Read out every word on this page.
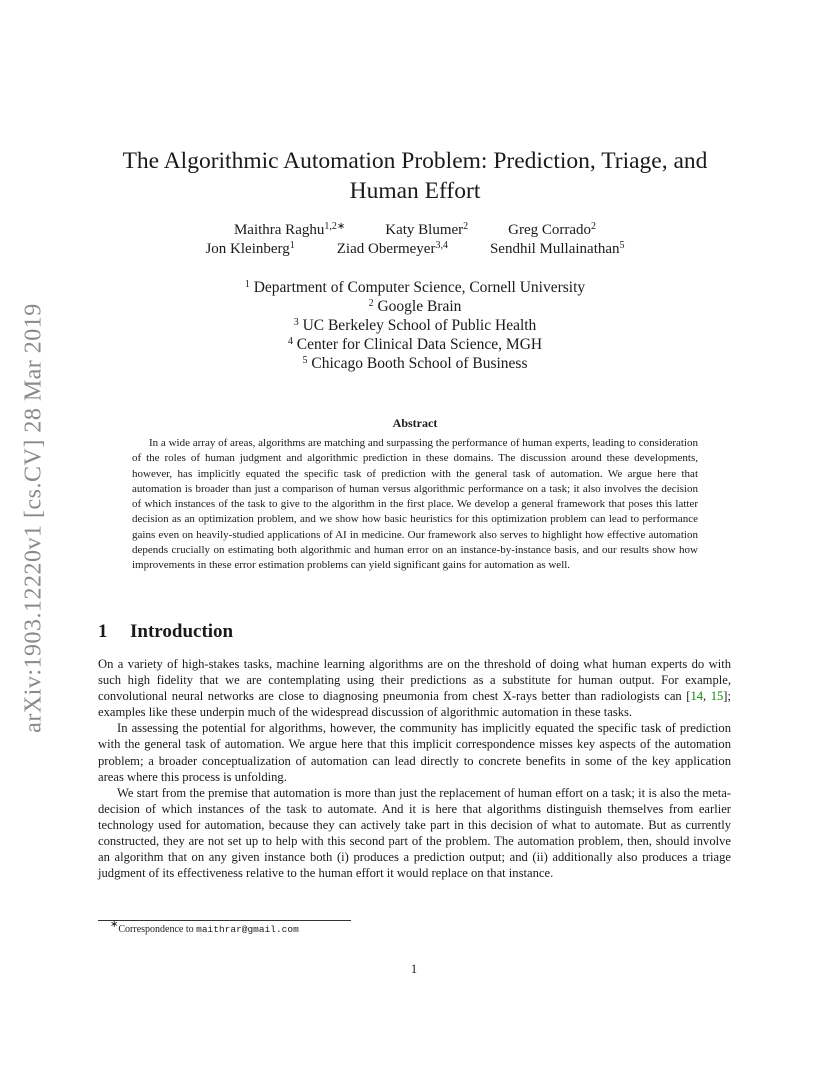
arXiv:1903.12220v1 [cs.CV] 28 Mar 2019
The Algorithmic Automation Problem: Prediction, Triage, and
Human Effort
Maithra Raghu$^{1,2∗}$	Katy Blumer$^2$	Greg Corrado$^2$
Jon Kleinberg$^1$	Ziad Obermeyer$^{3,4}$	Sendhil Mullainathan$^5$
$^1$ Department of Computer Science, Cornell University
$^2$ Google Brain
$^3$ UC Berkeley School of Public Health
$^4$ Center for Clinical Data Science, MGH
$^5$ Chicago Booth School of Business
Abstract
In a wide array of areas, algorithms are matching and surpassing the performance of human experts, leading to consideration of the roles of human judgment and algorithmic prediction in these domains. The discussion around these developments, however, has implicitly equated the specific task of prediction with the general task of automation. We argue here that automation is broader than just a comparison of human versus algorithmic performance on a task; it also involves the decision of which instances of the task to give to the algorithm in the first place. We develop a general framework that poses this latter decision as an optimization problem, and we show how basic heuristics for this optimization problem can lead to performance gains even on heavily-studied applications of AI in medicine. Our framework also serves to highlight how effective automation depends crucially on estimating both algorithmic and human error on an instance-by-instance basis, and our results show how improvements in these error estimation problems can yield significant gains for automation as well.
1 Introduction

On a variety of high-stakes tasks, machine learning algorithms are on the threshold of doing what human experts do with such high fidelity that we are contemplating using their predictions as a substitute for human output. For example, convolutional neural networks are close to diagnosing pneumonia from chest X-rays better than radiologists can [14, 15]; examples like these underpin much of the widespread discussion of algorithmic automation in these tasks.

In assessing the potential for algorithms, however, the community has implicitly equated the specific task of prediction with the general task of automation. We argue here that this implicit correspondence misses key aspects of the automation problem; a broader conceptualization of automation can lead directly to concrete benefits in some of the key application areas where this process is unfolding.

We start from the premise that automation is more than just the replacement of human effort on a task; it is also the meta-decision of which instances of the task to automate. And it is here that algorithms distinguish themselves from earlier technology used for automation, because they can actively take part in this decision of what to automate. But as currently constructed, they are not set up to help with this second part of the problem. The automation problem, then, should involve an algorithm that on any given instance both (i) produces a prediction output; and (ii) additionally also produces a triage judgment of its effectiveness relative to the human effort it would replace on that instance.

∗Correspondence to maithrar@gmail.com
1
